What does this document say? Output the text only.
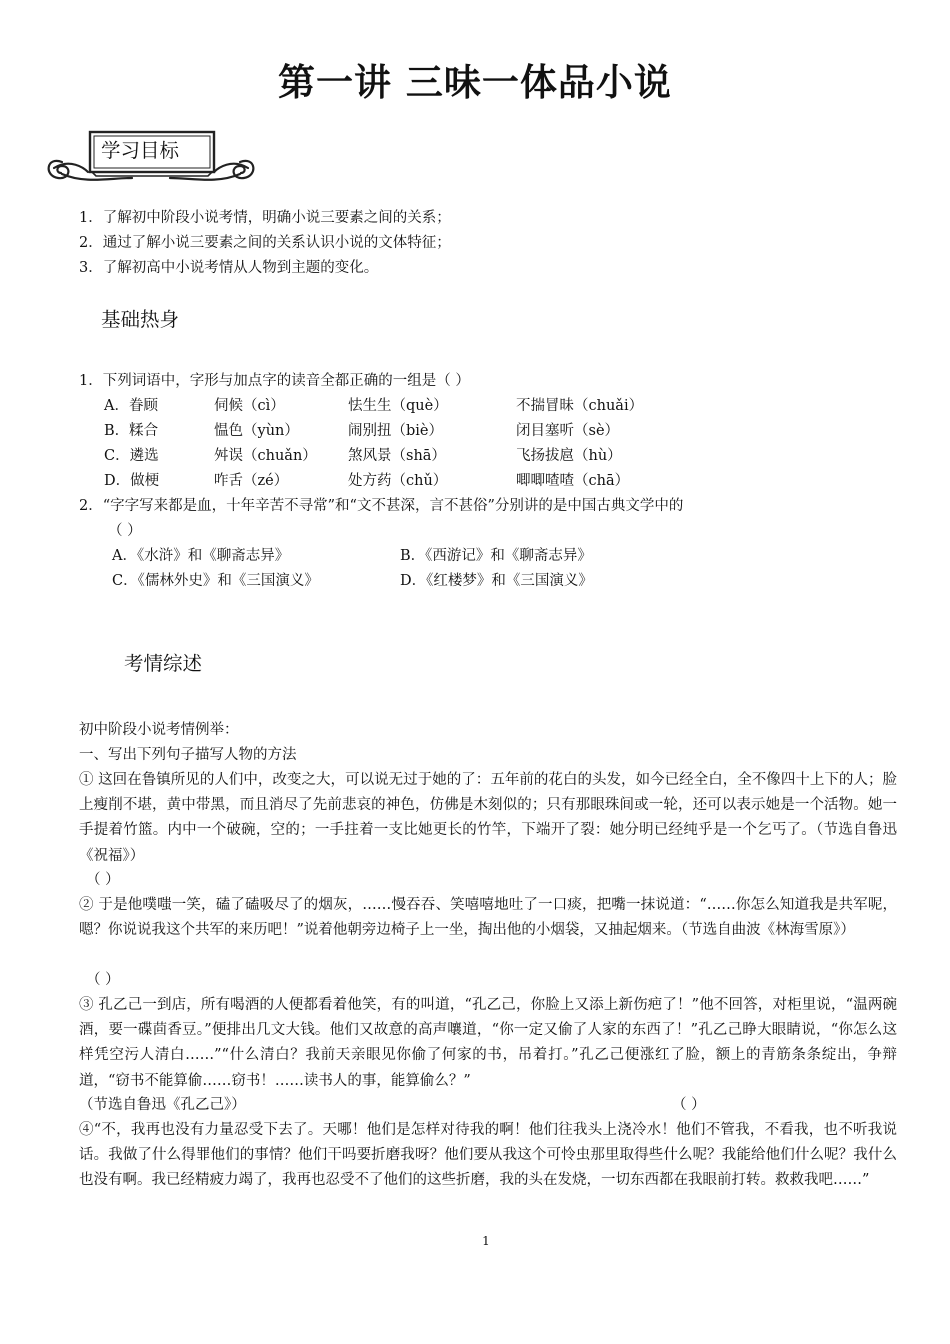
第一讲 三味一体品小说
学习目标
1．了解初中阶段小说考情，明确小说三要素之间的关系；
2．通过了解小说三要素之间的关系认识小说的文体特征；
3．了解初高中小说考情从人物到主题的变化。
基础热身
1．下列词语中，字形与加点字的读音全都正确的一组是（ ）
A．眷顾	伺候（cì）	怯生生（què）	不揣冒昧（chuǎi）
B．糅合	愠色（yùn）	闹别扭（biè）	闭目塞听（sè）
C．遴选	舛误（chuǎn） 煞风景（shā）	飞扬拔扈（hù）
D．做梗	咋舌（zé）	处方药（chǔ）	唧唧喳喳（chā）
2．“字字写来都是血，十年辛苦不寻常”和“文不甚深，言不甚俗”分别讲的是中国古典文学中的
（ ）
A．《水浒》和《聊斋志异》	B．《西游记》和《聊斋志异》
C．《儒林外史》和《三国演义》	D．《红楼梦》和《三国演义》
考情综述
初中阶段小说考情例举：
一、写出下列句子描写人物的方法
① 这回在鲁镇所见的人们中，改变之大，可以说无过于她的了：五年前的花白的头发，如今已经全白，全不像四十上下的人；脸上瘦削不堪，黄中带黑，而且消尽了先前悲哀的神色，仿佛是木刻似的；只有那眼珠间或一轮，还可以表示她是一个活物。她一手提着竹篮。内中一个破碗，空的；一手拄着一支比她更长的竹竿，下端开了裂：她分明已经纯乎是一个乞丐了。（节选自鲁迅《祝福》）
（ ）
② 于是他噗嗤一笑，磕了磕吸尽了的烟灰，……慢吞吞、笑嘻嘻地吐了一口痰，把嘴一抹说道：“……你怎么知道我是共军呢，嗯？你说说我这个共军的来历吧！”说着他朝旁边椅子上一坐，掏出他的小烟袋，又抽起烟来。（节选自曲波《林海雪原》）
（ ）
③ 孔乙己一到店，所有喝酒的人便都看着他笑，有的叫道，“孔乙己，你脸上又添上新伤疤了！”他不回答，对柜里说，“温两碗酒，要一碟茴香豆。”便排出几文大钱。他们又故意的高声嚷道，“你一定又偷了人家的东西了！”孔乙己睁大眼睛说，“你怎么这样凭空污人清白……”“什么清白？我前天亲眼见你偷了何家的书，吊着打。”孔乙己便涨红了脸，额上的青筋条条绽出，争辩道，“窃书不能算偷……窃书！……读书人的事，能算偷么？”
（节选自鲁迅《孔乙己》）	（ ）
④“不，我再也没有力量忍受下去了。天哪！他们是怎样对待我的啊！他们往我头上浇冷水！他们不管我，不看我，也不听我说话。我做了什么得罪他们的事情？他们干吗要折磨我呀？他们要从我这个可怜虫那里取得些什么呢？我能给他们什么呢？我什么也没有啊。我已经精疲力竭了，我再也忍受不了他们的这些折磨，我的头在发烧，一切东西都在我眼前打转。救救我吧……”
1
